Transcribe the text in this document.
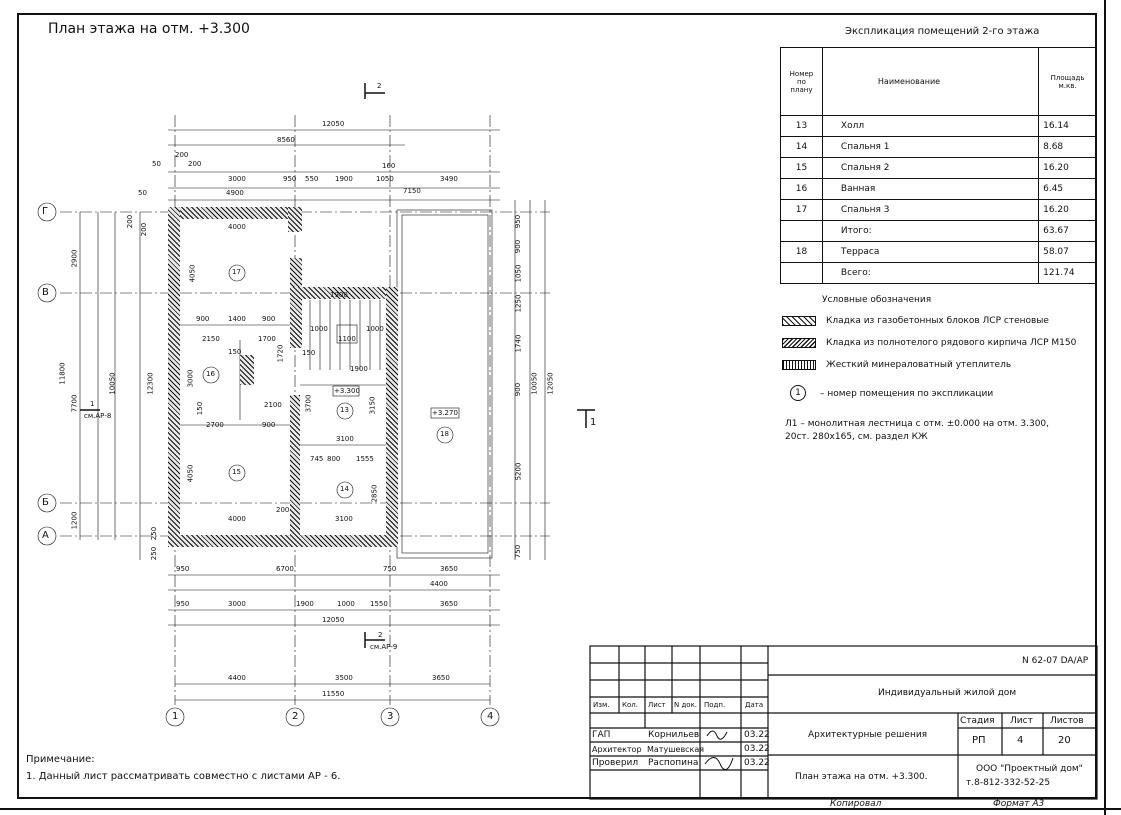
План этажа на отм. +3.300	Экспликация помещений 2-го этажа
Номер по плану	Наименование	Площадь м.кв.
13	Холл	16.14
14	Спальня 1	8.68
15	Спальня 2	16.20
16	Ванная	6.45
17	Спальня 3	16.20
	Итого:	63.67
18	Терраса	58.07
	Всего:	121.74
Условные обозначения
Кладка из газобетонных блоков ЛСР стеновые
Кладка из полнотелого рядового кирпича ЛСР М150
Жесткий минераловатный утеплитель
1	– номер помещения по экспликации
Л1 – монолитная лестница с отм. ±0.000 на отм. 3.300, 20ст. 280х165, см. раздел КЖ
Г
В
Б
А
1	2	3	4
17
16
13
18
15
14
+3.300
+3.270
2
1
см.АР-8
1
2
см.АР-9
12050
8560
200
200
3000	950 550 1900	1050	3490
4900	7150
160
50
50
950	6700	750	3650
4400
950	3000	1900	1000 1550	3650
12050
4400	3500	3650
11550
2900
7700
10050
11800	12300
1200
250
200
200
950
900
1050
1250
1740
900 10050 12050
5200
750
250
4000
4050
900	1400 900
2150
150
1700
3000
1720
1900
1900
2100
2700	900
150	3700
3100
745 800 1555
4050
2850
200
4000	3100
1000
1100
1000
150
3150
Примечание:
1. Данный лист рассматривать совместно с листами АР - 6.
N 62-07 DA/AP
Индивидуальный жилой дом
Архитектурные решения
План этажа на отм. +3.300.
ООО "Проектный дом"
т.8-812-332-52-25
Стадия Лист Листов
РП	4	20
Изм. Кол. Лист N док. Подп.	Дата
ГАП	Корнильев	03.22
Архитектор Матушевская	03.22
Проверил Распопина	03.22
Копировал	Формат А3
